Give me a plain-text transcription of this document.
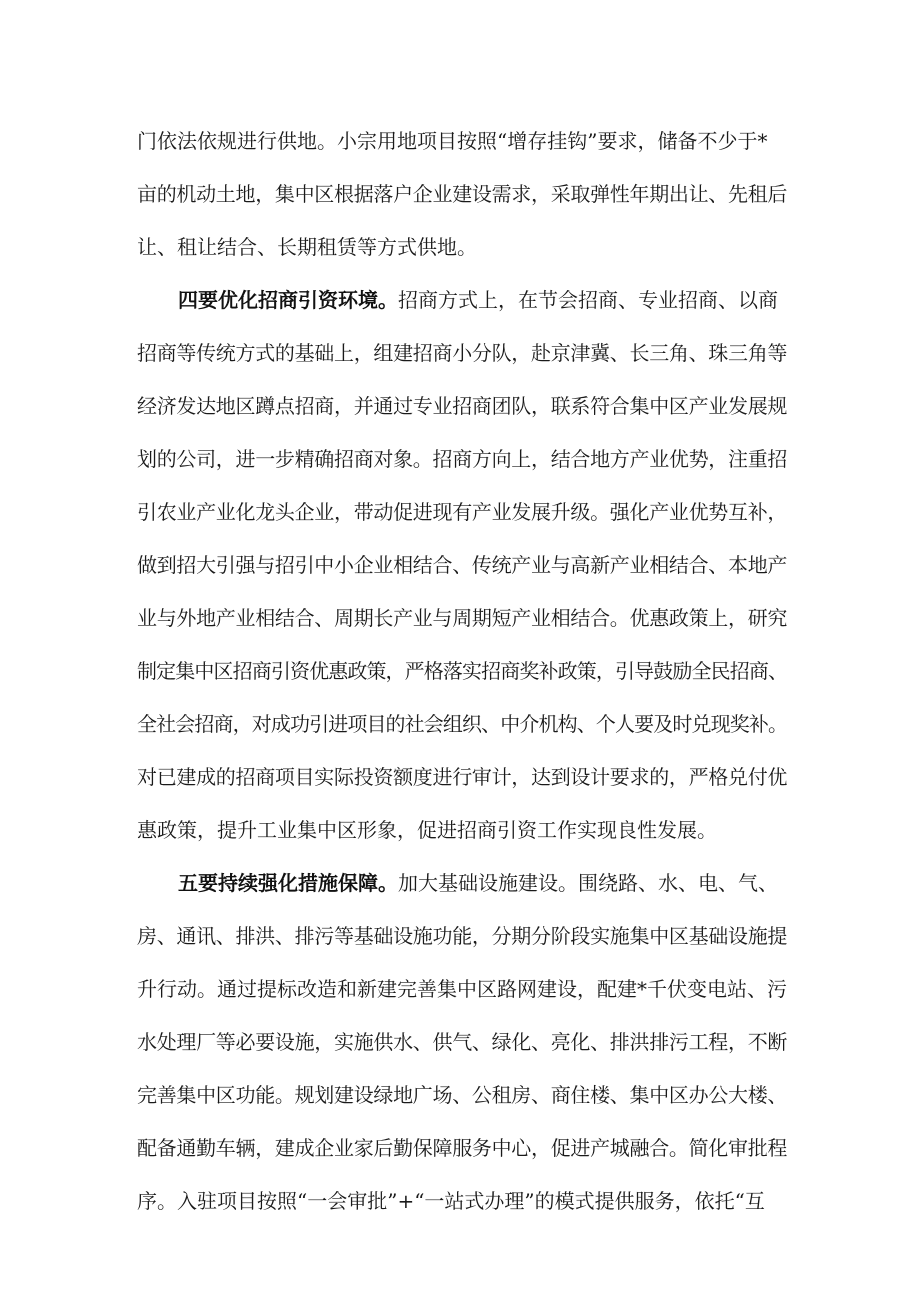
门依法依规进行供地。小宗用地项目按照“增存挂钩”要求，储备不少于*
亩的机动土地，集中区根据落户企业建设需求，采取弹性年期出让、先租后
让、租让结合、长期租赁等方式供地。
四要优化招商引资环境。招商方式上，在节会招商、专业招商、以商
招商等传统方式的基础上，组建招商小分队，赴京津冀、长三角、珠三角等
经济发达地区蹲点招商，并通过专业招商团队，联系符合集中区产业发展规
划的公司，进一步精确招商对象。招商方向上，结合地方产业优势，注重招
引农业产业化龙头企业，带动促进现有产业发展升级。强化产业优势互补，
做到招大引强与招引中小企业相结合、传统产业与高新产业相结合、本地产
业与外地产业相结合、周期长产业与周期短产业相结合。优惠政策上，研究
制定集中区招商引资优惠政策，严格落实招商奖补政策，引导鼓励全民招商、
全社会招商，对成功引进项目的社会组织、中介机构、个人要及时兑现奖补。
对已建成的招商项目实际投资额度进行审计，达到设计要求的，严格兑付优
惠政策，提升工业集中区形象，促进招商引资工作实现良性发展。
五要持续强化措施保障。加大基础设施建设。围绕路、水、电、气、
房、通讯、排洪、排污等基础设施功能，分期分阶段实施集中区基础设施提
升行动。通过提标改造和新建完善集中区路网建设，配建*千伏变电站、污
水处理厂等必要设施，实施供水、供气、绿化、亮化、排洪排污工程，不断
完善集中区功能。规划建设绿地广场、公租房、商住楼、集中区办公大楼、
配备通勤车辆，建成企业家后勤保障服务中心，促进产城融合。简化审批程
序。入驻项目按照“一会审批”+“一站式办理”的模式提供服务，依托“互
